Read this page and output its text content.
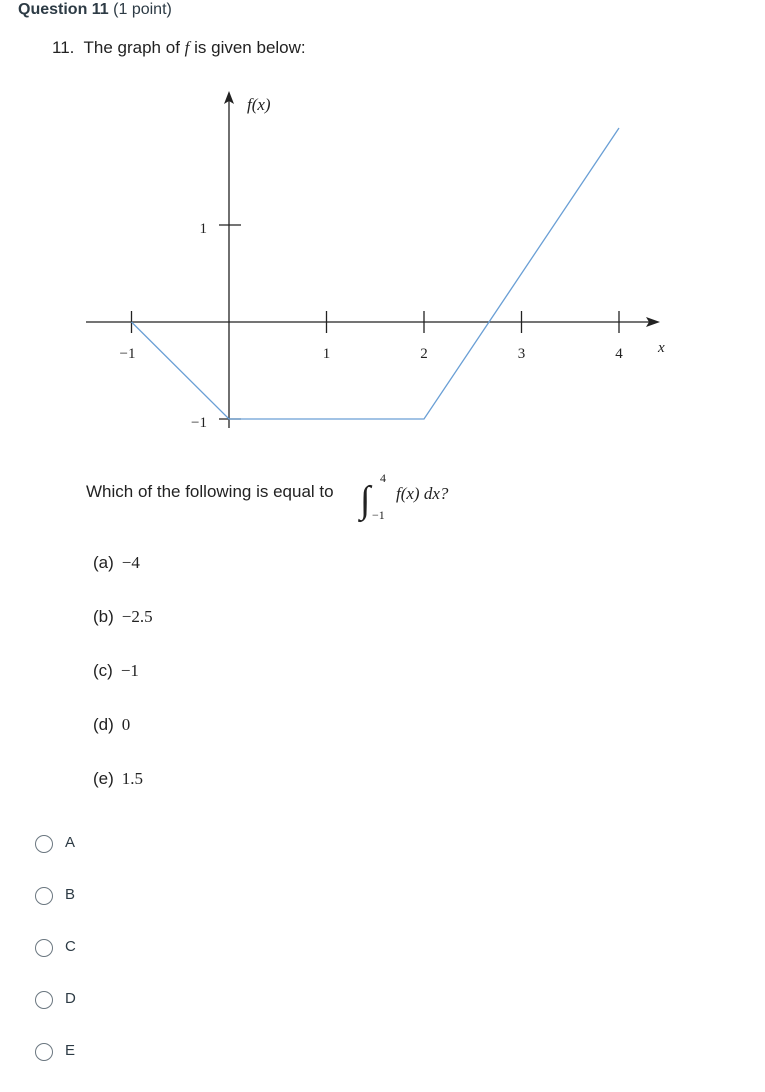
Question 11 (1 point)
11. The graph of f is given below:
−1	1	2	3	4
1
−1
f(x)
x
Which of the following is equal to ∫
4
−1
f(x) dx?
(a) −4
(b) −2.5
(c) −1
(d) 0
(e) 1.5
A
B
C
D
E
